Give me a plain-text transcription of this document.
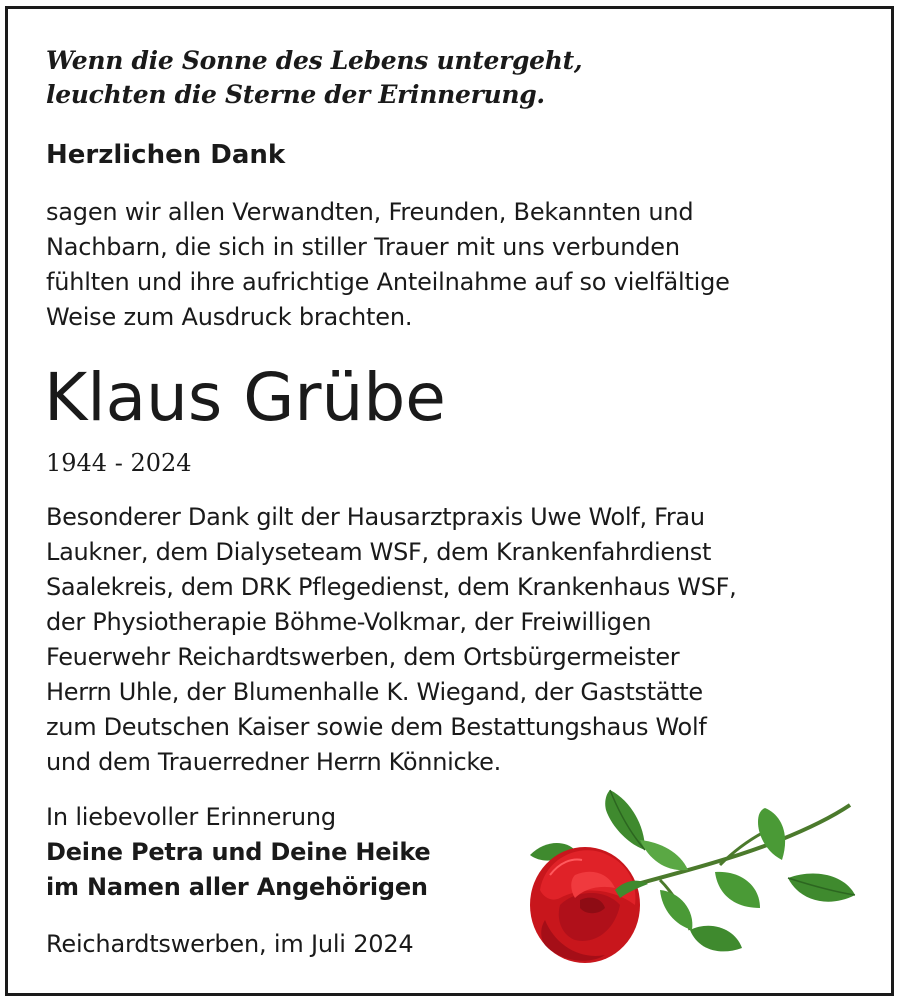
Wenn die Sonne des Lebens untergeht,
leuchten die Sterne der Erinnerung.
Herzlichen Dank
sagen wir allen Verwandten, Freunden, Bekannten und
Nachbarn, die sich in stiller Trauer mit uns verbunden
fühlten und ihre aufrichtige Anteilnahme auf so vielfältige
Weise zum Ausdruck brachten.
Klaus Grübe
1944 - 2024
Besonderer Dank gilt der Hausarztpraxis Uwe Wolf, Frau
Laukner, dem Dialyseteam WSF, dem Krankenfahrdienst
Saalekreis, dem DRK Pflegedienst, dem Krankenhaus WSF,
der Physiotherapie Böhme-Volkmar, der Freiwilligen
Feuerwehr Reichardtswerben, dem Ortsbürgermeister
Herrn Uhle, der Blumenhalle K. Wiegand, der Gaststätte
zum Deutschen Kaiser sowie dem Bestattungshaus Wolf
und dem Trauerredner Herrn Könnicke.
In liebevoller Erinnerung
Deine Petra und Deine Heike
im Namen aller Angehörigen
Reichardtswerben, im Juli 2024
